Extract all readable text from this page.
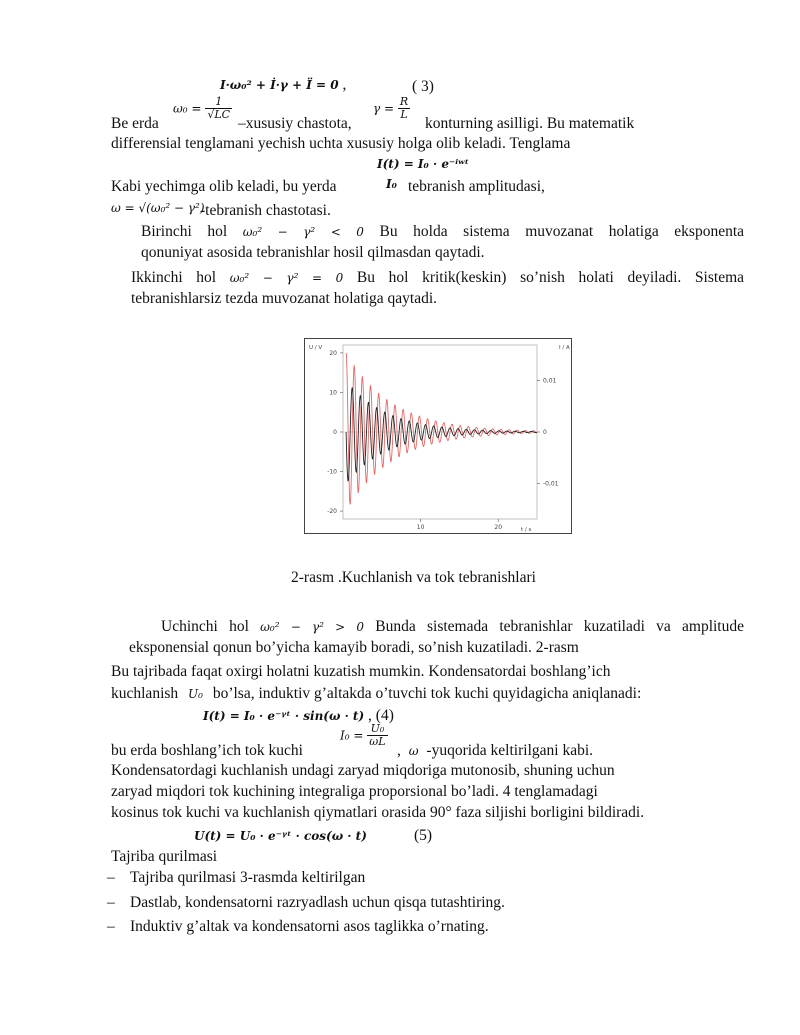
I·ω₀² + İ·γ + Ï = 0 ,	( 3)
Be erda
$\omega_0 = \frac{1}{√LC}$
–xususiy chastota,
$\gamma = \frac{R}{L}$
konturning asilligi. Bu matematik
differensial tenglamani yechish uchta xususiy holga olib keladi. Tenglama
I(t) = I₀ · e⁻ⁱʷᵗ
Kabi yechimga olib keladi, bu yerda	I₀ tebranish amplitudasi,
ω = √(ω₀² − γ²)
-tebranish chastotasi.
Birinchi hol ω₀² − γ² < 0 Bu holda sistema muvozanat holatiga eksponenta
qonuniyat asosida tebranishlar hosil qilmasdan qaytadi.
Ikkinchi hol ω₀² − γ² = 0 Bu hol kritik(keskin) so’nish holati deyiladi. Sistema
tebranishlarsiz tezda muvozanat holatiga qaytadi.
20
10
0
-10
-20
0,01
0
-0,01
10	20	t / s
U / V	I / A
2-rasm .Kuchlanish va tok tebranishlari
Uchinchi hol ω₀² − γ² > 0 Bunda sistemada tebranishlar kuzatiladi va amplitude
eksponensial qonun bo’yicha kamayib boradi, so’nish kuzatiladi. 2-rasm
Bu tajribada faqat oxirgi holatni kuzatish mumkin. Kondensatordai boshlang’ich
kuchlanish U₀ bo’lsa, induktiv g’altakda o’tuvchi tok kuchi quyidagicha aniqlanadi:
I(t) = I₀ · e⁻ᵞᵗ · sin(ω · t) , (4)
bu erda boshlang’ich tok kuchi
$I_0 = \frac{\text{U₀}}{\omega L}$
, ω -yuqorida keltirilgani kabi.
Kondensatordagi kuchlanish undagi zaryad miqdoriga mutonosib, shuning uchun
zaryad miqdori tok kuchining integraliga proporsional bo’ladi. 4 tenglamadagi
kosinus tok kuchi va kuchlanish qiymatlari orasida 90° faza siljishi borligini bildiradi.
U(t) = U₀ · e⁻ᵞᵗ · cos(ω · t)	(5)
Tajriba qurilmasi
– Tajriba qurilmasi 3-rasmda keltirilgan
– Dastlab, kondensatorni razryadlash uchun qisqa tutashtiring.
– Induktiv g’altak va kondensatorni asos taglikka o’rnating.
